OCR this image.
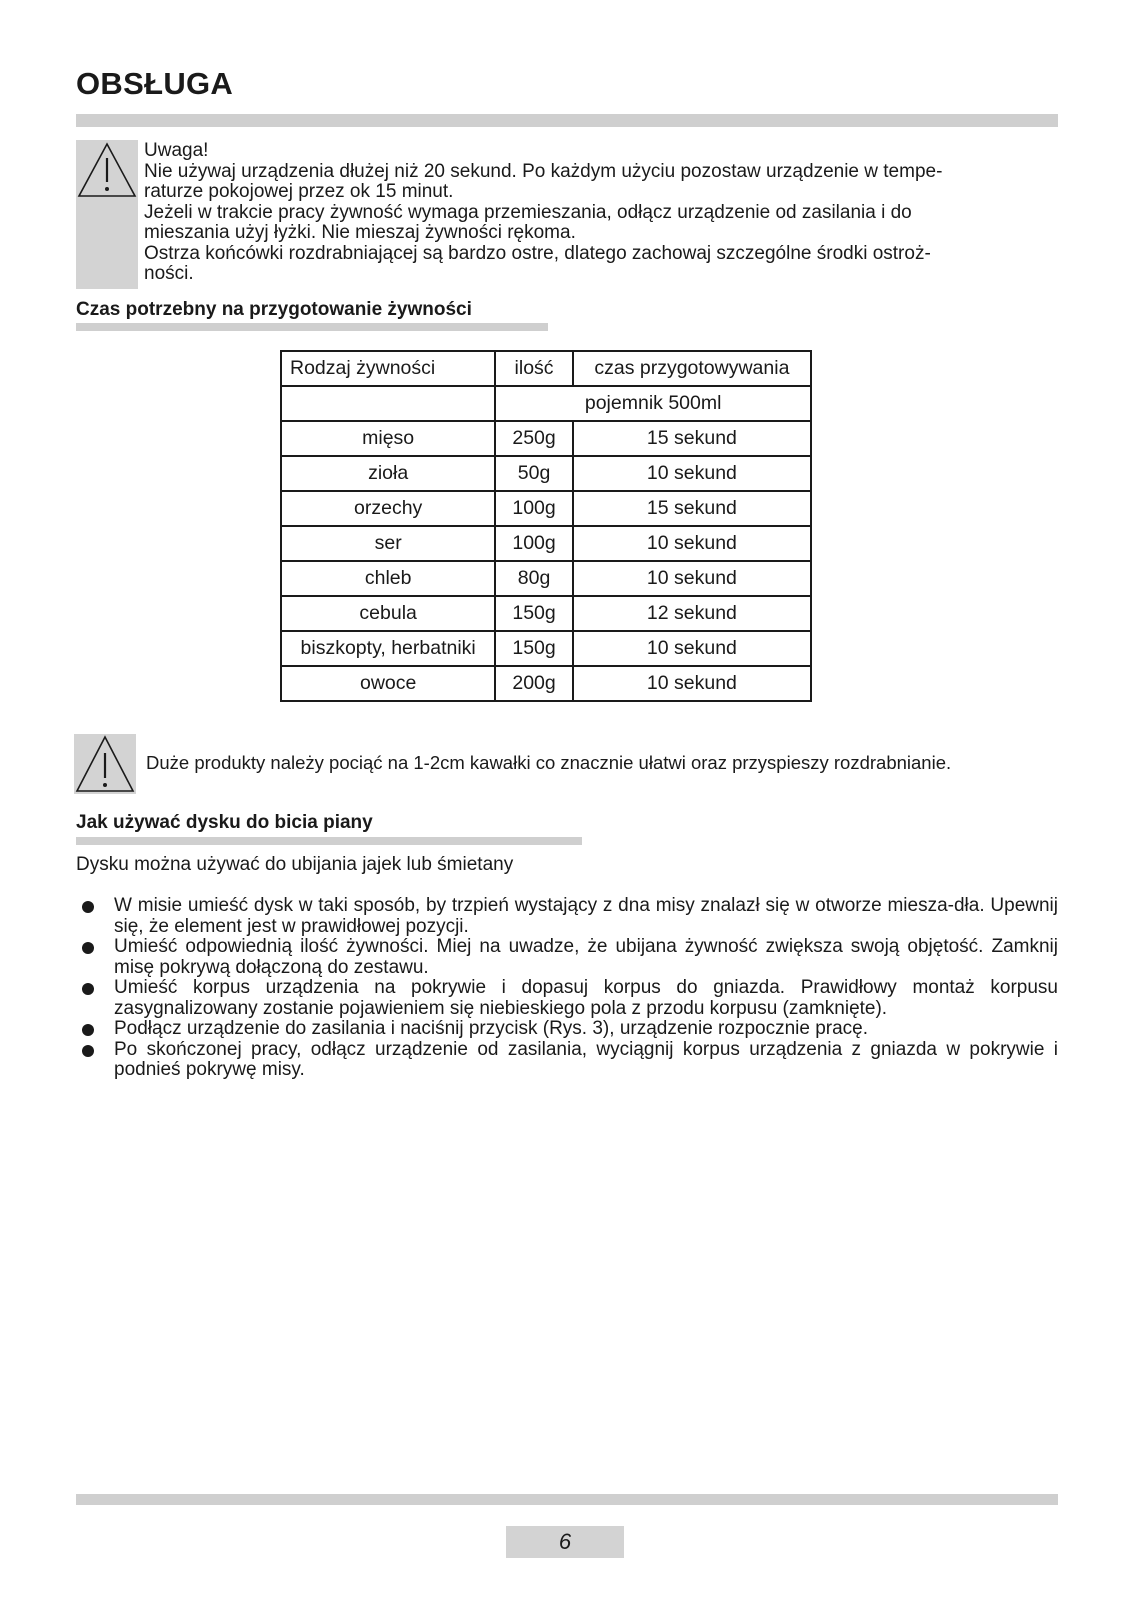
OBSŁUGA
Uwaga!
Nie używaj urządzenia dłużej niż 20 sekund. Po każdym użyciu pozostaw urządzenie w tempe-
raturze pokojowej przez ok 15 minut.
Jeżeli w trakcie pracy żywność wymaga przemieszania, odłącz urządzenie od zasilania i do
mieszania użyj łyżki. Nie mieszaj żywności rękoma.
Ostrza końcówki rozdrabniającej są bardzo ostre, dlatego zachowaj szczególne środki ostroż-
ności.
Czas potrzebny na przygotowanie żywności
Rodzaj żywności	ilość	czas przygotowywania
	pojemnik 500ml	
mięso	250g	15 sekund
zioła	50g	10 sekund
orzechy	100g	15 sekund
ser	100g	10 sekund
chleb	80g	10 sekund
cebula	150g	12 sekund
biszkopty, herbatniki	150g	10 sekund
owoce	200g	10 sekund
Duże produkty należy pociąć na 1-2cm kawałki co znacznie ułatwi oraz przyspieszy rozdrabnianie.
Jak używać dysku do bicia piany
Dysku można używać do ubijania jajek lub śmietany
W misie umieść dysk w taki sposób, by trzpień wystający z dna misy znalazł się w otworze miesza-dła. Upewnij się, że element jest w prawidłowej pozycji.
Umieść odpowiednią ilość żywności. Miej na uwadze, że ubijana żywność zwiększa swoją objętość. Zamknij misę pokrywą dołączoną do zestawu.
Umieść korpus urządzenia na pokrywie i dopasuj korpus do gniazda. Prawidłowy montaż korpusu zasygnalizowany zostanie pojawieniem się niebieskiego pola z przodu korpusu (zamknięte).
Podłącz urządzenie do zasilania i naciśnij przycisk (Rys. 3), urządzenie rozpocznie pracę.
Po skończonej pracy, odłącz urządzenie od zasilania, wyciągnij korpus urządzenia z gniazda w pokrywie i podnieś pokrywę misy.
6
